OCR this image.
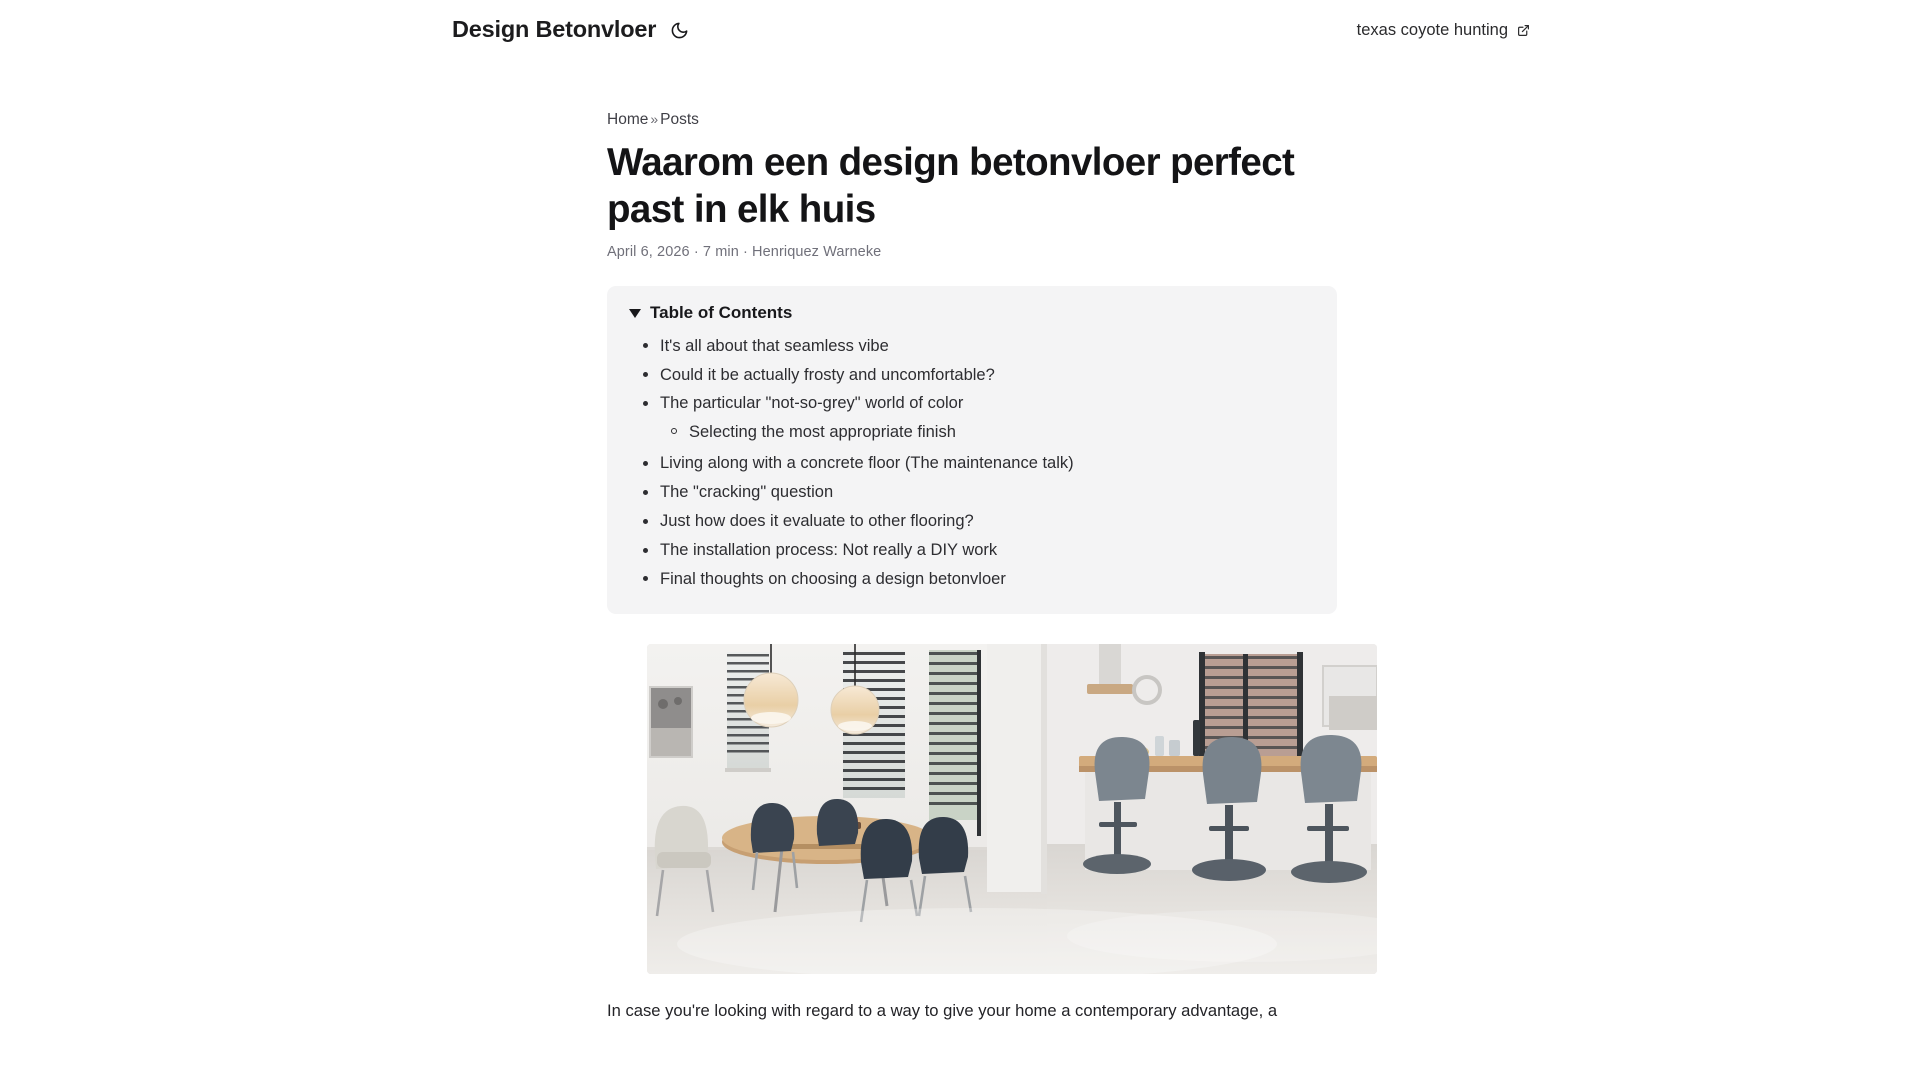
Design Betonvloer	texas coyote hunting
Home » Posts
Waarom een design betonvloer perfect past in elk huis
April 6, 2026 · 7 min · Henriquez Warneke
Table of Contents
It's all about that seamless vibe
Could it be actually frosty and uncomfortable?
The particular "not-so-grey" world of color
Selecting the most appropriate finish
Living along with a concrete floor (The maintenance talk)
The "cracking" question
Just how does it evaluate to other flooring?
The installation process: Not really a DIY work
Final thoughts on choosing a design betonvloer

In case you're looking with regard to a way to give your home a contemporary advantage, a
